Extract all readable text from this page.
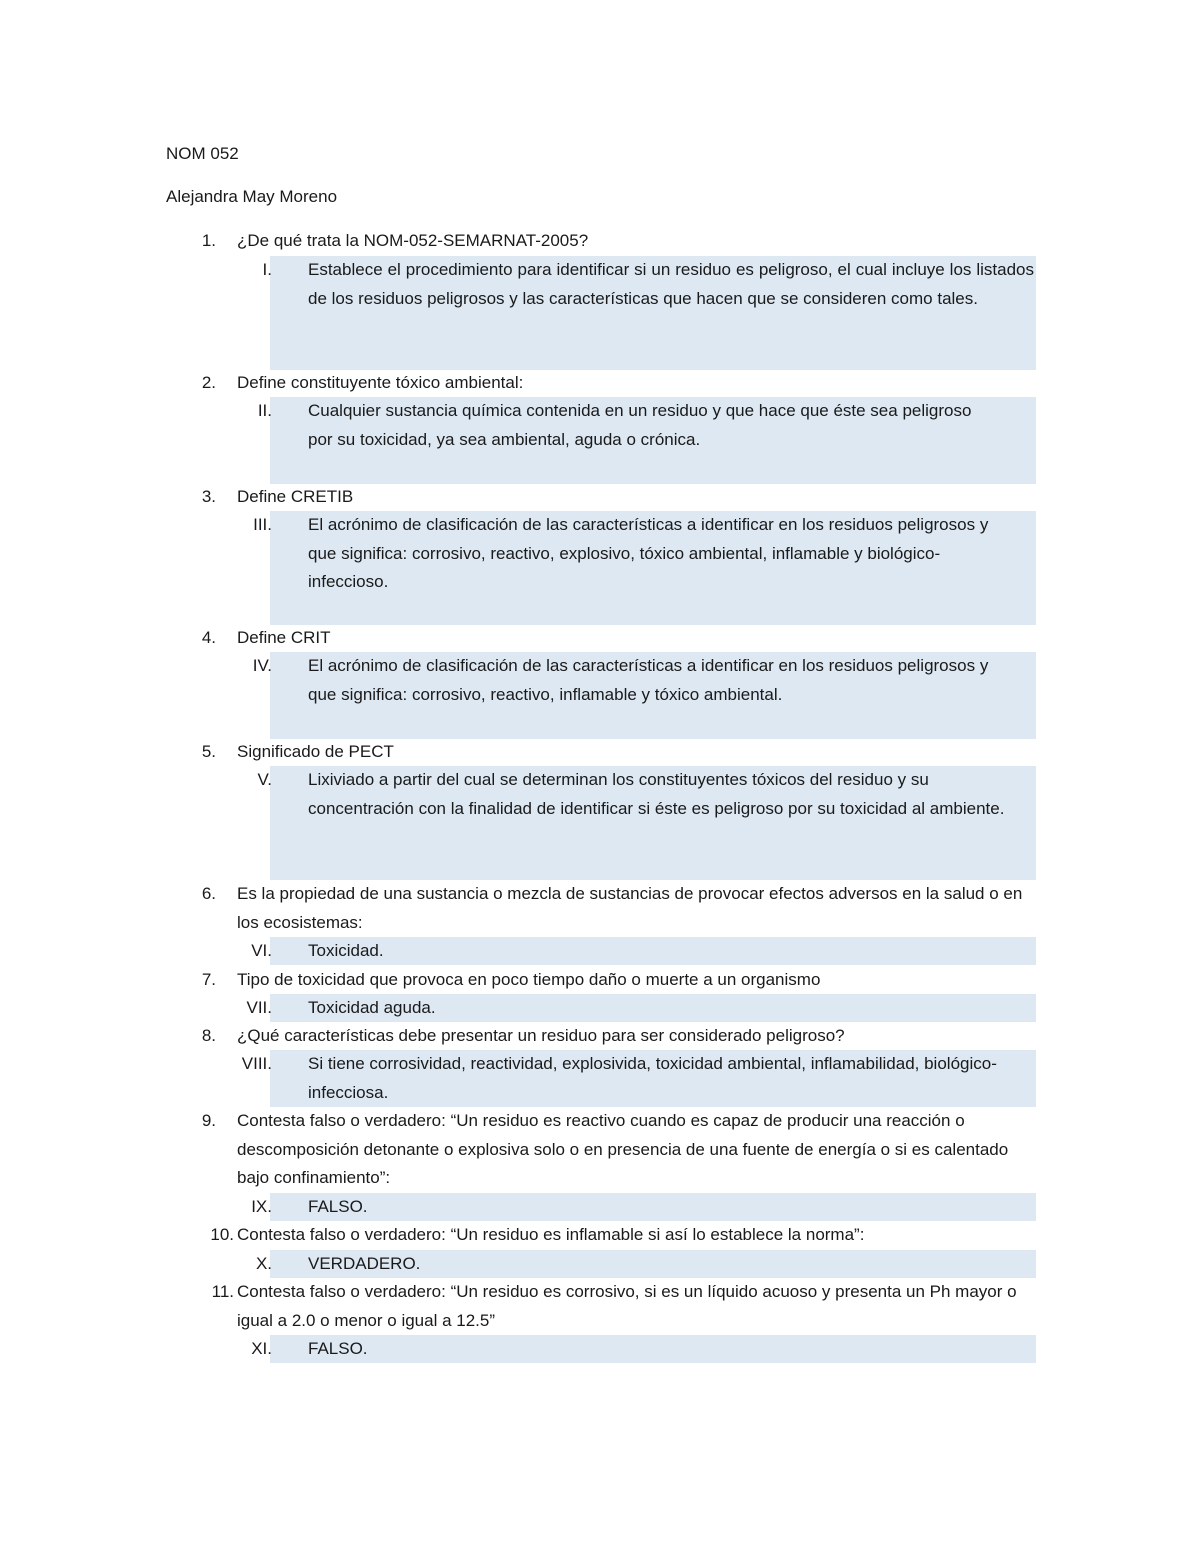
NOM 052
Alejandra May Moreno
1. ¿De qué trata la NOM-052-SEMARNAT-2005?
I. Establece el procedimiento para identificar si un residuo es peligroso, el cual incluye los listados de los residuos peligrosos y las características que hacen que se consideren como tales.
2. Define constituyente tóxico ambiental:
II. Cualquier sustancia química contenida en un residuo y que hace que éste sea peligroso por su toxicidad, ya sea ambiental, aguda o crónica.
3. Define CRETIB
III. El acrónimo de clasificación de las características a identificar en los residuos peligrosos y que significa: corrosivo, reactivo, explosivo, tóxico ambiental, inflamable y biológico-infeccioso.
4. Define CRIT
IV. El acrónimo de clasificación de las características a identificar en los residuos peligrosos y que significa: corrosivo, reactivo, inflamable y tóxico ambiental.
5. Significado de PECT
V. Lixiviado a partir del cual se determinan los constituyentes tóxicos del residuo y su concentración con la finalidad de identificar si éste es peligroso por su toxicidad al ambiente.
6. Es la propiedad de una sustancia o mezcla de sustancias de provocar efectos adversos en la salud o en los ecosistemas:
VI. Toxicidad.
7. Tipo de toxicidad que provoca en poco tiempo daño o muerte a un organismo
VII. Toxicidad aguda.
8. ¿Qué características debe presentar un residuo para ser considerado peligroso?
VIII. Si tiene corrosividad, reactividad, explosivida, toxicidad ambiental, inflamabilidad, biológico-infecciosa.
9. Contesta falso o verdadero: “Un residuo es reactivo cuando es capaz de producir una reacción o descomposición detonante o explosiva solo o en presencia de una fuente de energía o si es calentado bajo confinamiento”:
IX. FALSO.
10. Contesta falso o verdadero: “Un residuo es inflamable si así lo establece la norma”:
X. VERDADERO.
11. Contesta falso o verdadero: “Un residuo es corrosivo, si es un líquido acuoso y presenta un Ph mayor o igual a 2.0 o menor o igual a 12.5”
XI. FALSO.
